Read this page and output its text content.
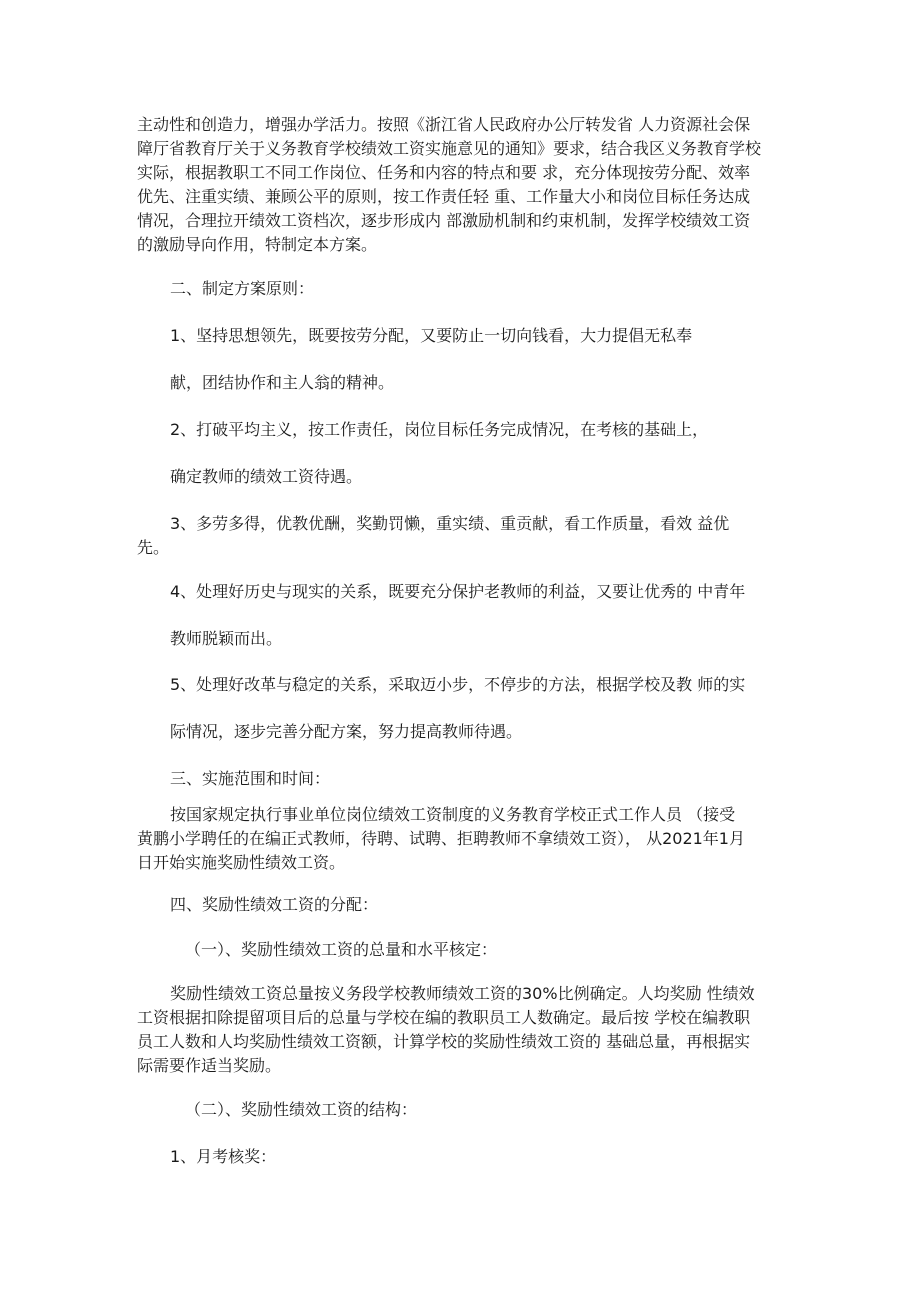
主动性和创造力，增强办学活力。按照《浙江省人民政府办公厅转发省 人力资源社会保
障厅省教育厅关于义务教育学校绩效工资实施意见的通知》要求，结合我区义务教育学校
实际，根据教职工不同工作岗位、任务和内容的特点和要 求，充分体现按劳分配、效率
优先、注重实绩、兼顾公平的原则，按工作责任轻 重、工作量大小和岗位目标任务达成
情况，合理拉开绩效工资档次，逐步形成内 部激励机制和约束机制，发挥学校绩效工资
的激励导向作用，特制定本方案。
二、制定方案原则：
1、坚持思想领先，既要按劳分配，又要防止一切向钱看，大力提倡无私奉
献，团结协作和主人翁的精神。
2、打破平均主义，按工作责任，岗位目标任务完成情况，在考核的基础上，
确定教师的绩效工资待遇。
3、多劳多得，优教优酬，奖勤罚懒，重实绩、重贡献，看工作质量，看效 益优
先。
4、处理好历史与现实的关系，既要充分保护老教师的利益，又要让优秀的 中青年
教师脱颖而出。
5、处理好改革与稳定的关系，采取迈小步，不停步的方法，根据学校及教 师的实
际情况，逐步完善分配方案，努力提高教师待遇。
三、实施范围和时间：
按国家规定执行事业单位岗位绩效工资制度的义务教育学校正式工作人员 （接受
黄鹏小学聘任的在编正式教师，待聘、试聘、拒聘教师不拿绩效工资）， 从2021年1月
日开始实施奖励性绩效工资。
四、奖励性绩效工资的分配：
（一）、奖励性绩效工资的总量和水平核定：
奖励性绩效工资总量按义务段学校教师绩效工资的30%比例确定。人均奖励 性绩效
工资根据扣除提留项目后的总量与学校在编的教职员工人数确定。最后按 学校在编教职
员工人数和人均奖励性绩效工资额，计算学校的奖励性绩效工资的 基础总量，再根据实
际需要作适当奖励。
（二）、奖励性绩效工资的结构：
1、月考核奖：
